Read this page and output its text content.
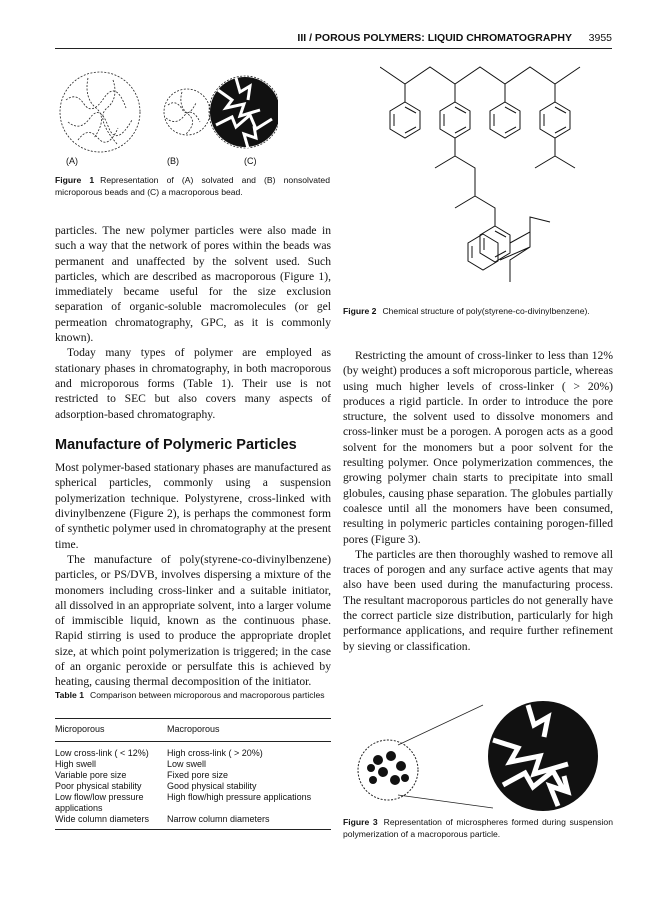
III / POROUS POLYMERS: LIQUID CHROMATOGRAPHY 3955
(A)	(B)	(C)
Figure 1 Representation of (A) solvated and (B) nonsolvated microporous beads and (C) a macroporous bead.

particles. The new polymer particles were also made in such a way that the network of pores within the beads was permanent and unaffected by the solvent used. Such particles, which are described as macroporous (Figure 1), immediately became useful for the size exclusion separation of organic-soluble macromolecules (or gel permeation chromatography, GPC, as it is commonly known).

Today many types of polymer are employed as stationary phases in chromatography, in both macroporous and microporous forms (Table 1). Their use is not restricted to SEC but also covers many aspects of adsorption-based chromatography.

Manufacture of Polymeric Particles

Most polymer-based stationary phases are manufactured as spherical particles, commonly using a suspension polymerization technique. Polystyrene, cross-linked with divinylbenzene (Figure 2), is perhaps the commonest form of synthetic polymer used in chromatography at the present time.

The manufacture of poly(styrene-co-divinylbenzene) particles, or PS/DVB, involves dispersing a mixture of the monomers including cross-linker and a suitable initiator, all dissolved in an appropriate solvent, into a larger volume of immiscible liquid, known as the continuous phase. Rapid stirring is used to produce the appropriate droplet size, at which point polymerization is triggered; in the case of an organic peroxide or persulfate this is achieved by heating, causing thermal decomposition of the initiator.

Figure 2 Chemical structure of poly(styrene-co-divinylbenzene).

Restricting the amount of cross-linker to less than 12% (by weight) produces a soft microporous particle, whereas using much higher levels of cross-linker ( > 20%) produces a rigid particle. In order to introduce the pore structure, the solvent used to dissolve monomers and cross-linker must be a porogen. A porogen acts as a good solvent for the monomers but a poor solvent for the resulting polymer. Once polymerization commences, the growing polymer chain starts to precipitate into small globules, causing phase separation. The globules partially coalesce until all the monomers have been consumed, resulting in polymeric particles containing porogen-filled pores (Figure 3).

The particles are then thoroughly washed to remove all traces of porogen and any surface active agents that may also have been used during the manufacturing process. The resultant macroporous particles do not generally have the correct particle size distribution, particularly for high performance applications, and require further refinement by sieving or classification.

Table 1 Comparison between microporous and macroporous particles
Microporous	Macroporous
Low cross-link ( < 12%)	High cross-link ( > 20%)
High swell	Low swell
Variable pore size	Fixed pore size
Poor physical stability	Good physical stability
Low flow/low pressure applications	High flow/high pressure applications
Wide column diameters	Narrow column diameters	Figure 3 Representation of microspheres formed during suspension polymerization of a macroporous particle.
